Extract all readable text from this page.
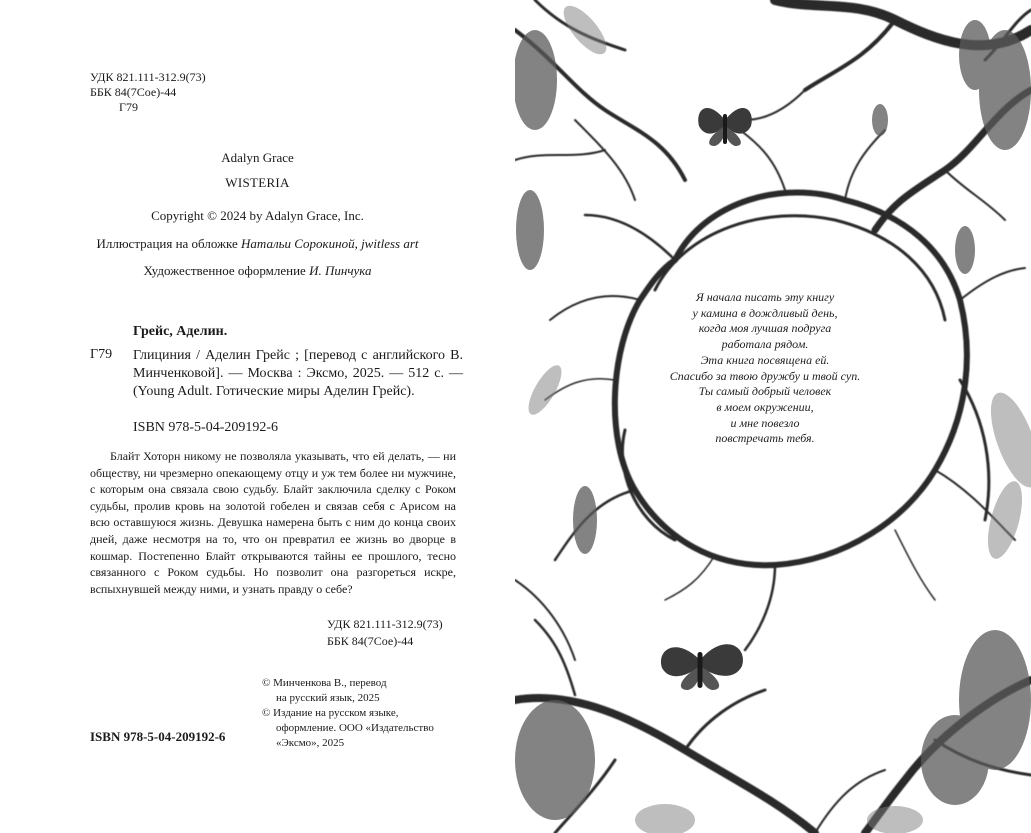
УДК 821.111-312.9(73)
ББК 84(7Сое)-44
Г79
Adalyn Grace
WISTERIA
Copyright © 2024 by Adalyn Grace, Inc.
Иллюстрация на обложке Натальи Сорокиной, jwitless art
Художественное оформление И. Пинчука
Грейс, Аделин.
Г79 Глициния / Аделин Грейс ; [перевод с английского В. Минченковой]. — Москва : Эксмо, 2025. — 512 с. — (Young Adult. Готические миры Аделин Грейс).
ISBN 978-5-04-209192-6
Блайт Хоторн никому не позволяла указывать, что ей делать, — ни обществу, ни чрезмерно опекающему отцу и уж тем более ни мужчине, с которым она связала свою судьбу. Блайт заключила сделку с Роком судьбы, пролив кровь на золотой гобелен и связав себя с Арисом на всю оставшуюся жизнь. Девушка намерена быть с ним до конца своих дней, даже несмотря на то, что он превратил ее жизнь во дворце в кошмар. Постепенно Блайт открываются тайны ее прошлого, тесно связанного с Роком судьбы. Но позволит она разгореться искре, вспыхнувшей между ними, и узнать правду о себе?
УДК 821.111-312.9(73)
ББК 84(7Сое)-44
© Минченкова В., перевод
на русский язык, 2025
© Издание на русском языке,
оформление. ООО «Издательство
«Эксмо», 2025
ISBN 978-5-04-209192-6
Я начала писать эту книгу
у камина в дождливый день,
когда моя лучшая подруга
работала рядом.
Эта книга посвящена ей.
Спасибо за твою дружбу и твой суп.
Ты самый добрый человек
в моем окружении,
и мне повезло
повстречать тебя.
